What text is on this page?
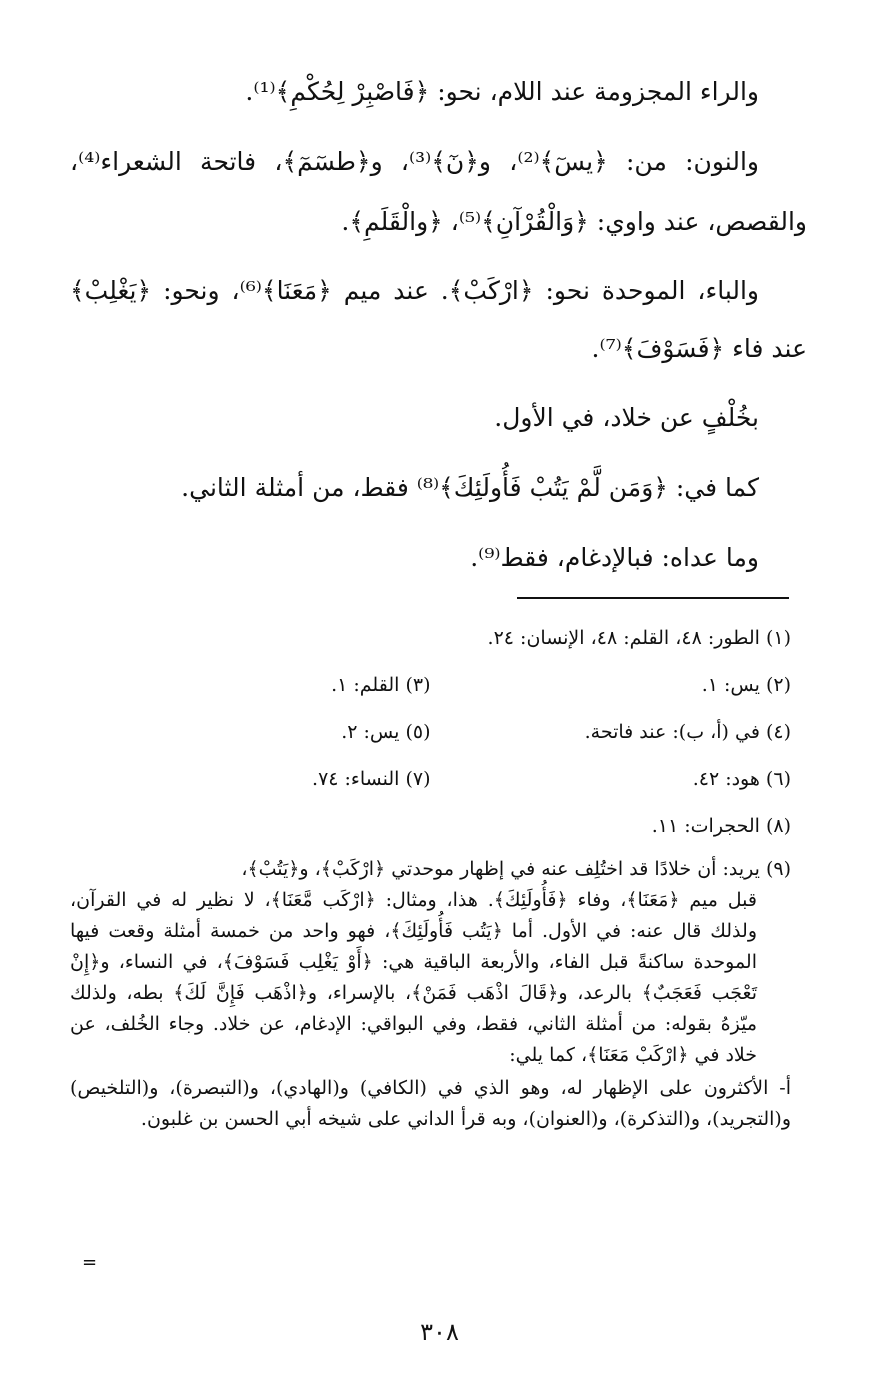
والراء المجزومة عند اللام، نحو: ﴿فَاصْبِرْ لِحُكْمِ﴾⁽¹⁾.

والنون: من: ﴿يسٓ﴾⁽²⁾، و﴿نٓ﴾⁽³⁾، و﴿طسٓمٓ﴾، فاتحة الشعراء⁽⁴⁾، والقصص، عند واوي: ﴿وَالْقُرْآنِ﴾⁽⁵⁾، ﴿والْقَلَمِ﴾.

والباء، الموحدة نحو: ﴿ارْكَبْ﴾. عند ميم ﴿مَعَنَا﴾⁽⁶⁾، ونحو: ﴿يَغْلِبْ﴾ عند فاء ﴿فَسَوْفَ﴾⁽⁷⁾.

بخُلْفٍ عن خلاد، في الأول.

كما في: ﴿وَمَن لَّمْ يَتُبْ فَأُولَئِكَ﴾⁽⁸⁾ فقط، من أمثلة الثاني.

وما عداه: فبالإدغام، فقط⁽⁹⁾.

(١) الطور: ٤٨، القلم: ٤٨، الإنسان: ٢٤.
(٢) يس: ١.
(٣) القلم: ١.
(٤) في (أ، ب): عند فاتحة.
(٥) يس: ٢.
(٦) هود: ٤٢.
(٧) النساء: ٧٤.
(٨) الحجرات: ١١.
(٩) يريد: أن خلادًا قد اختُلِف عنه في إظهار موحدتي ﴿ارْكَبْ﴾، و﴿يَتُبْ﴾،
قبل ميم ﴿مَعَنَا﴾، وفاء ﴿فَأُولَئِكَ﴾. هذا، ومثال: ﴿ارْكَب مَّعَنَا﴾، لا نظير له في القرآن، ولذلك قال عنه: في الأول. أما ﴿يَتُب فَأُولَئِكَ﴾، فهو واحد من خمسة أمثلة وقعت فيها الموحدة ساكنةً قبل الفاء، والأربعة الباقية هي: ﴿أَوْ يَغْلِب فَسَوْفَ﴾، في النساء، و﴿إِنْ تَعْجَب فَعَجَبٌ﴾ بالرعد، و﴿قَالَ اذْهَب فَمَنْ﴾، بالإسراء، و﴿اذْهَب فَإِنَّ لَكَ﴾ بطه، ولذلك ميّزهُ بقوله: من أمثلة الثاني، فقط، وفي البواقي: الإدغام، عن خلاد. وجاء الخُلف، عن خلاد في ﴿ارْكَبْ مَعَنَا﴾، كما يلي:
أ- الأكثرون على الإظهار له، وهو الذي في (الكافي) و(الهادي)، و(التبصرة)، و(التلخيص) و(التجريد)، و(التذكرة)، و(العنوان)، وبه قرأ الداني على شيخه أبي الحسن بن غلبون.
=
٣٠٨
